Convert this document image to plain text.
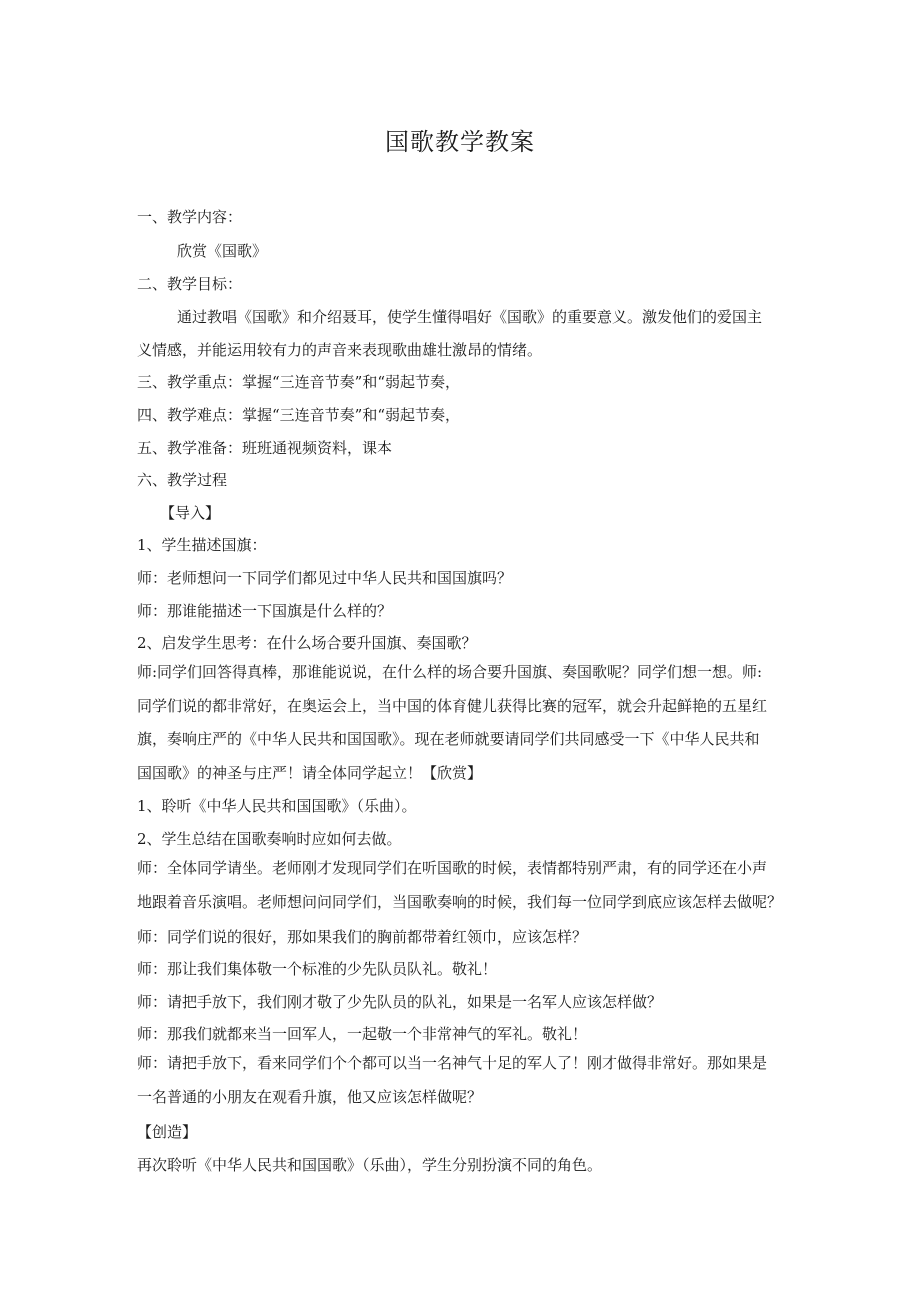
国歌教学教案
一、教学内容：
欣赏《国歌》
二、教学目标：
通过教唱《国歌》和介绍聂耳，使学生懂得唱好《国歌》的重要意义。激发他们的爱国主
义情感，并能运用较有力的声音来表现歌曲雄壮激昂的情绪。
三、教学重点：掌握“三连音节奏”和“弱起节奏，
四、教学难点：掌握“三连音节奏”和“弱起节奏，
五、教学准备：班班通视频资料，课本
六、教学过程
【导入】
1、学生描述国旗：
师：老师想问一下同学们都见过中华人民共和国国旗吗？
师：那谁能描述一下国旗是什么样的？
2、启发学生思考：在什么场合要升国旗、奏国歌？
师:同学们回答得真棒，那谁能说说，在什么样的场合要升国旗、奏国歌呢？同学们想一想。师:
同学们说的都非常好，在奥运会上，当中国的体育健儿获得比赛的冠军，就会升起鲜艳的五星红
旗，奏响庄严的《中华人民共和国国歌》。现在老师就要请同学们共同感受一下《中华人民共和
国国歌》的神圣与庄严！请全体同学起立！【欣赏】
1、聆听《中华人民共和国国歌》（乐曲）。
2、学生总结在国歌奏响时应如何去做。
师：全体同学请坐。老师刚才发现同学们在听国歌的时候，表情都特别严肃，有的同学还在小声
地跟着音乐演唱。老师想问问同学们，当国歌奏响的时候，我们每一位同学到底应该怎样去做呢？
师：同学们说的很好，那如果我们的胸前都带着红领巾，应该怎样？
师：那让我们集体敬一个标准的少先队员队礼。敬礼！
师：请把手放下，我们刚才敬了少先队员的队礼，如果是一名军人应该怎样做？
师：那我们就都来当一回军人，一起敬一个非常神气的军礼。敬礼！
师：请把手放下，看来同学们个个都可以当一名神气十足的军人了！刚才做得非常好。那如果是
一名普通的小朋友在观看升旗，他又应该怎样做呢？
【创造】
再次聆听《中华人民共和国国歌》（乐曲），学生分别扮演不同的角色。
